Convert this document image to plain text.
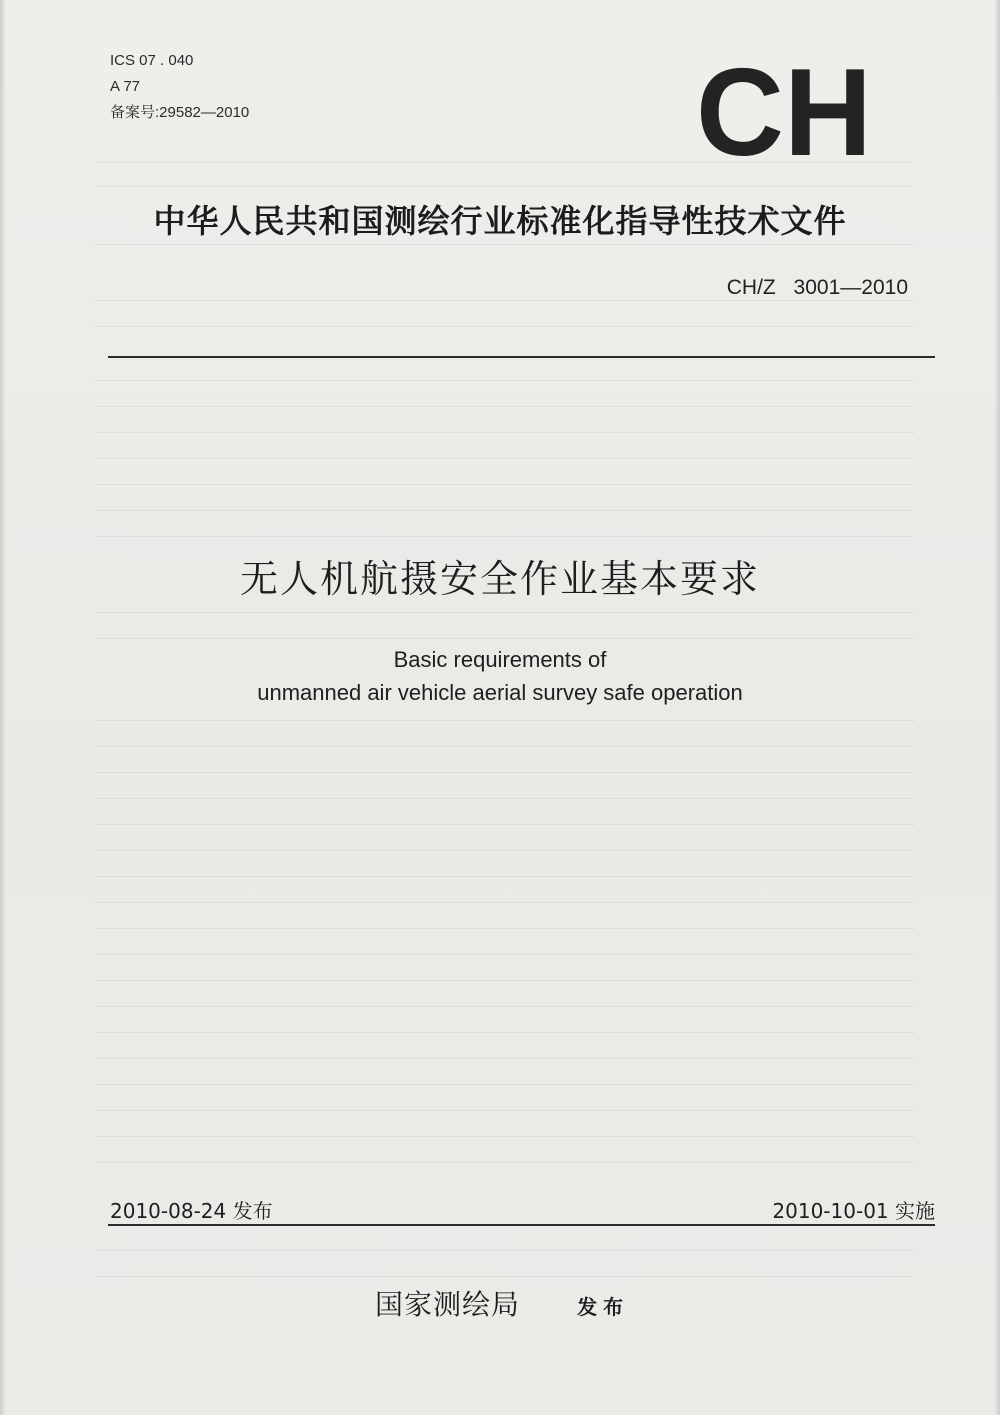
ICS 07 . 040
A 77
备案号:29582—2010	CH
中华人民共和国测绘行业标准化指导性技术文件
CH/Z 3001—2010
无人机航摄安全作业基本要求
Basic requirements of
unmanned air vehicle aerial survey safe operation
2010-08-24 发布	2010-10-01 实施
国家测绘局	发布
